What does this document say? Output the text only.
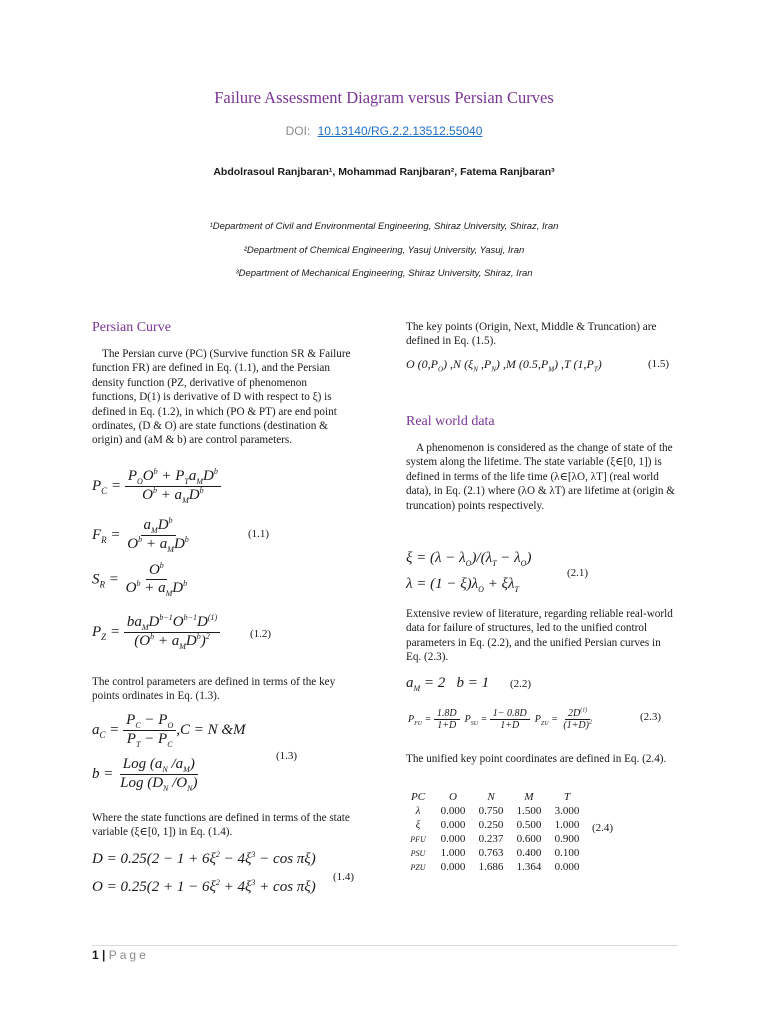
Failure Assessment Diagram versus Persian Curves
DOI: 10.13140/RG.2.2.13512.55040
Abdolrasoul Ranjbaran¹, Mohammad Ranjbaran², Fatema Ranjbaran³
¹Department of Civil and Environmental Engineering, Shiraz University, Shiraz, Iran
²Department of Chemical Engineering, Yasuj University, Yasuj, Iran
³Department of Mechanical Engineering, Shiraz University, Shiraz, Iran
Persian Curve
The Persian curve (PC) (Survive function SR & Failure function FR) are defined in Eq. (1.1), and the Persian density function (PZ, derivative of phenomenon functions, D(1) is derivative of D with respect to ξ) is defined in Eq. (1.2), in which (PO & PT) are end point ordinates, (D & O) are state functions (destination & origin) and (aM & b) are control parameters.
$P_C = \frac{P_OO^b + P_Ta_MD^b}{O^b + a_MD^b}$
$F_R = \frac{a_MD^b}{O^b + a_MD^b}$	(1.1)
$S_R = \frac{O^b}{O^b + a_MD^b}$
$P_Z = \frac{ba_MD^{b-1}O^{b-1}D^{(1)}}{(O^b + a_MD^b)^2}$	(1.2)
The control parameters are defined in terms of the key points ordinates in Eq. (1.3).
$a_C = \frac{P_C - P_O}{P_T - P_C} ,C = N$ &M
(1.3)
$b = \frac{Log (a_N /a_M)}{Log (D_N /O_N)}$
Where the state functions are defined in terms of the state variable (ξ∈[0, 1]) in Eq. (1.4).
$D = 0.25(2 - 1 + 6\xi^2 - 4\xi^3 - \cos \pi\xi)$
$O = 0.25(2 + 1 - 6\xi^2 + 4\xi^3 + \cos \pi\xi)$
(1.4)
The key points (Origin, Next, Middle & Truncation) are defined in Eq. (1.5).
O $(0,P_O)$ ,N ($\xi_N$ $,P_N$) ,M $(0.5,P_M)$ ,T $(1,P_T)$	(1.5)
Real world data
A phenomenon is considered as the change of state of the system along the lifetime. The state variable (ξ∈[0, 1]) is defined in terms of the life time (λ∈[λO, λT] (real world data), in Eq. (2.1) where (λO & λT) are lifetime at (origin & truncation) points respectively.
$\xi = (\lambda - \lambda_O)/(\lambda_T - \lambda_O)$
$\lambda = (1 - \xi)\lambda_O + \xi\lambda_T$
(2.1)
Extensive review of literature, regarding reliable real-world data for failure of structures, led to the unified control parameters in Eq. (2.2), and the unified Persian curves in Eq. (2.3).
$a_M = 2$   b = 1 (2.2)
$P_{FU} = \frac{1.8D}{1+D} P_{SU} = \frac{1- 0.8D}{1+D} P_{ZU} = \frac{2D^{(1)}}{(1+D)^2}$	(2.3)
The unified key point coordinates are defined in Eq. (2.4).
PC	O	N	M	T
λ	0.000	0.750	1.500	3.000
ξ	0.000	0.250	0.500	1.000
PFU	0.000	0.237	0.600	0.900
PSU	1.000	0.763	0.400	0.100
PZU	0.000	1.686	1.364	0.000
(2.4)
1 | Page
